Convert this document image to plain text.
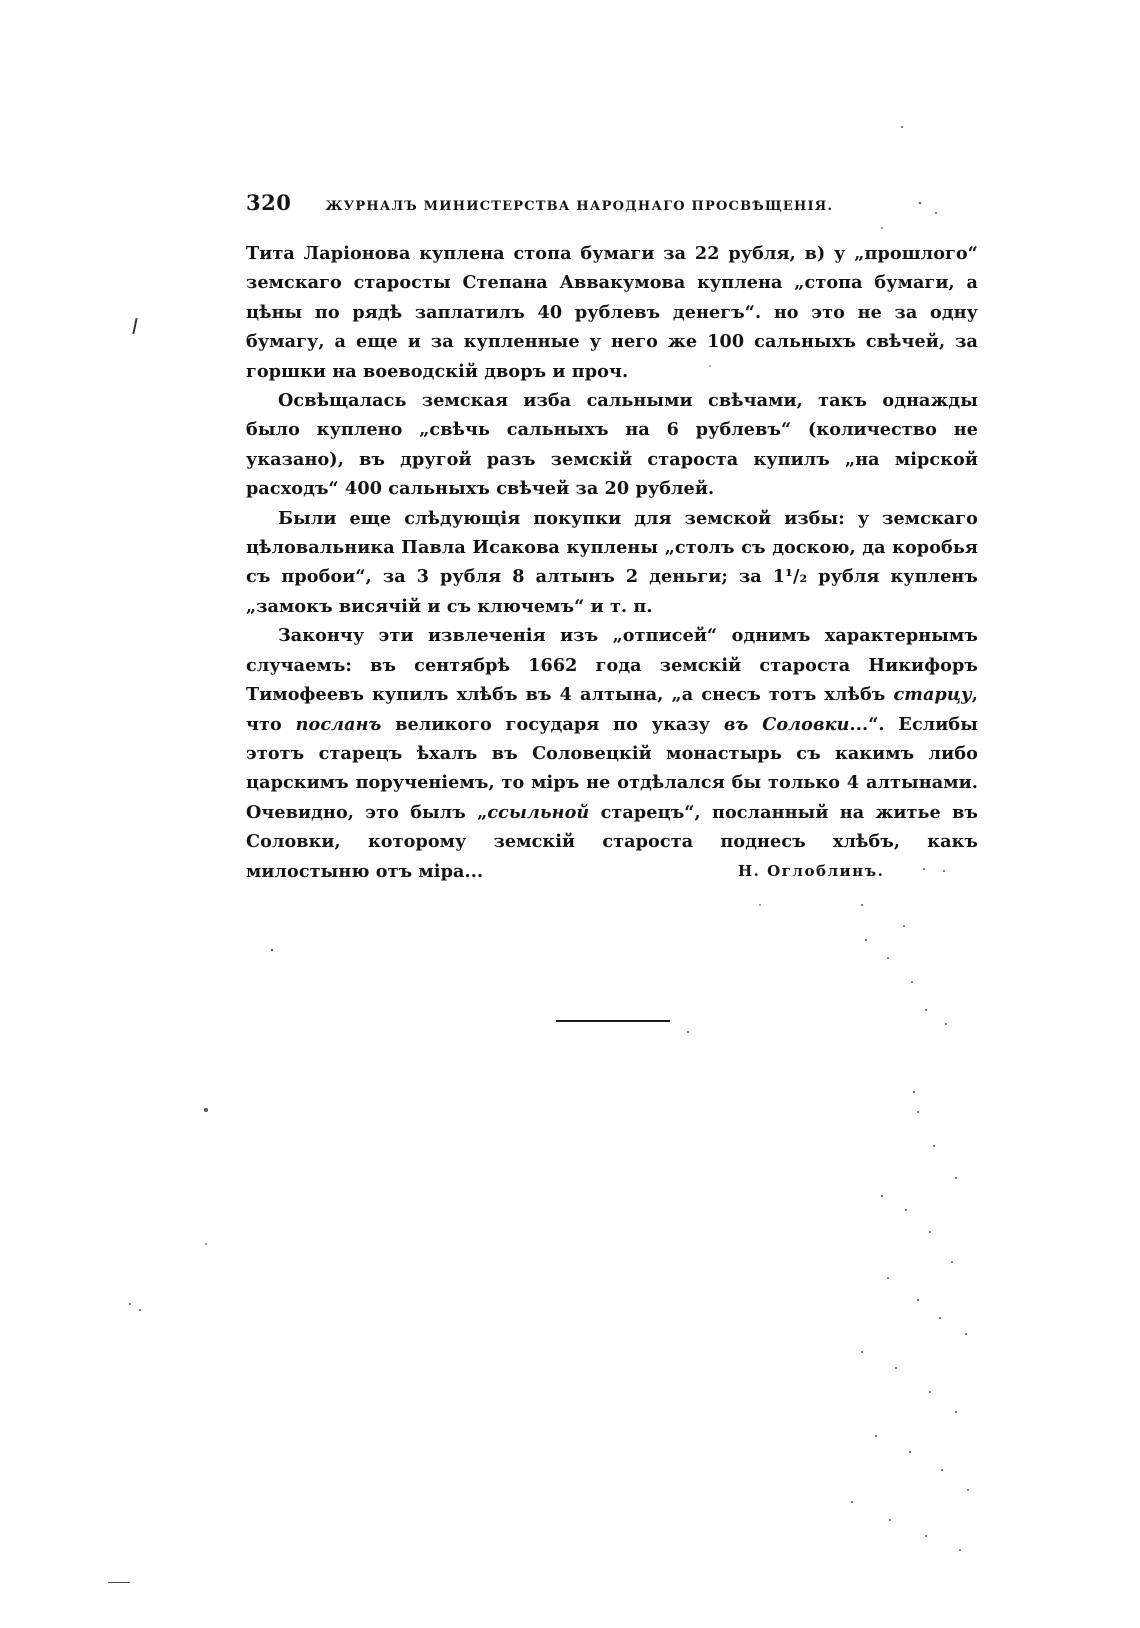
320	ЖУРНАЛЪ МИНИСТЕРСТВА НАРОДНАГО ПРОСВѢЩЕНІЯ.

Тита Ларіонова куплена стопа бумаги за 22 рубля, в) у „прошлого“ земскаго старосты Степана Аввакумова куплена „стопа бумаги, а цѣны по рядѣ заплатилъ 40 рублевъ денегъ“. но это не за одну бумагу, а еще и за купленные у него же 100 сальныхъ свѣчей, за горшки на воеводскій дворъ и проч.

Освѣщалась земская изба сальными свѣчами, такъ однажды было куплено „свѣчь сальныхъ на 6 рублевъ“ (количество не указано), въ другой разъ земскій староста купилъ „на мірской расходъ“ 400 сальныхъ свѣчей за 20 рублей.

Были еще слѣдующія покупки для земской избы: у земскаго цѣловальника Павла Исакова куплены „столъ съ доскою, да коробья съ пробои“, за 3 рубля 8 алтынъ 2 деньги; за 1¹/₂ рубля купленъ „замокъ висячій и съ ключемъ“ и т. п.

Закончу эти извлеченія изъ „отписей“ однимъ характернымъ случаемъ: въ сентябрѣ 1662 года земскій староста Никифоръ Тимофеевъ купилъ хлѣбъ въ 4 алтына, „а снесъ тотъ хлѣбъ старцу, что посланъ великого государя по указу въ Соловки...“. Еслибы этотъ старецъ ѣхалъ въ Соловецкій монастырь съ какимъ либо царскимъ порученіемъ, то міръ не отдѣлался бы только 4 алтынами. Очевидно, это былъ „ссыльной старецъ“, посланный на житье въ Соловки, которому земскій староста поднесъ хлѣбъ, какъ милостыню отъ міра...	Н. Оглоблинъ.
